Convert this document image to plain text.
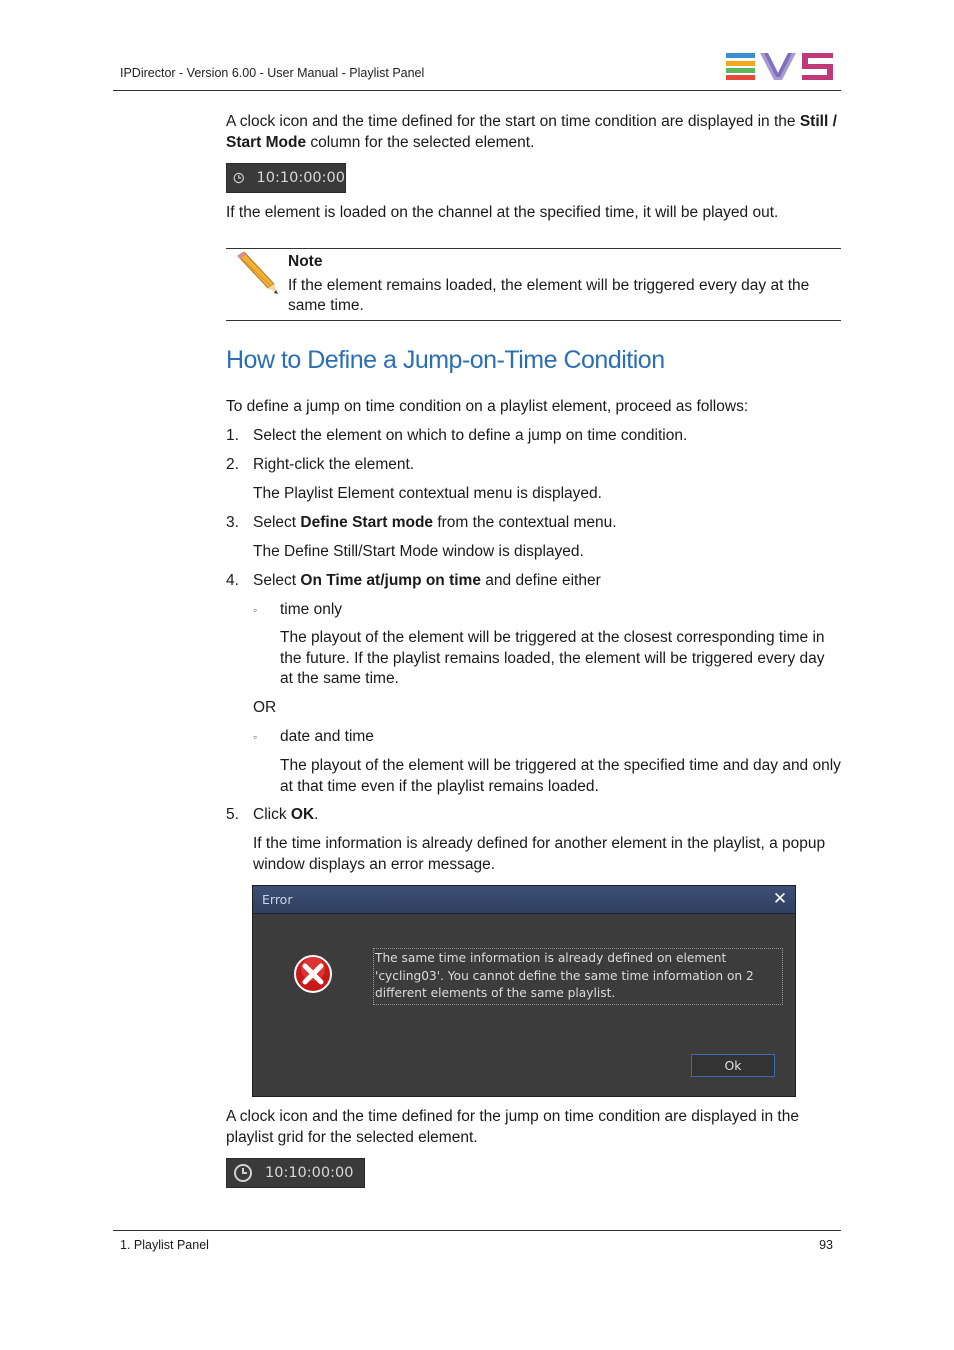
IPDirector - Version 6.00 - User Manual - Playlist Panel
A clock icon and the time defined for the start on time condition are displayed in the Still / Start Mode column for the selected element.
10:10:00:00
If the element is loaded on the channel at the specified time, it will be played out.
Note
If the element remains loaded, the element will be triggered every day at the same time.
How to Define a Jump-on-Time Condition
To define a jump on time condition on a playlist element, proceed as follows:
1. Select the element on which to define a jump on time condition.
2. Right-click the element.
The Playlist Element contextual menu is displayed.
3. Select Define Start mode from the contextual menu.
The Define Still/Start Mode window is displayed.
4. Select On Time at/jump on time and define either
◦ time only
The playout of the element will be triggered at the closest corresponding time in the future. If the playlist remains loaded, the element will be triggered every day at the same time.
OR
◦ date and time
The playout of the element will be triggered at the specified time and day and only at that time even if the playlist remains loaded.
5. Click OK.
If the time information is already defined for another element in the playlist, a popup window displays an error message.
Error	✕
The same time information is already defined on element 'cycling03'. You cannot define the same time information on 2 different elements of the same playlist.
Ok
A clock icon and the time defined for the jump on time condition are displayed in the playlist grid for the selected element.
10:10:00:00
1. Playlist Panel	93
